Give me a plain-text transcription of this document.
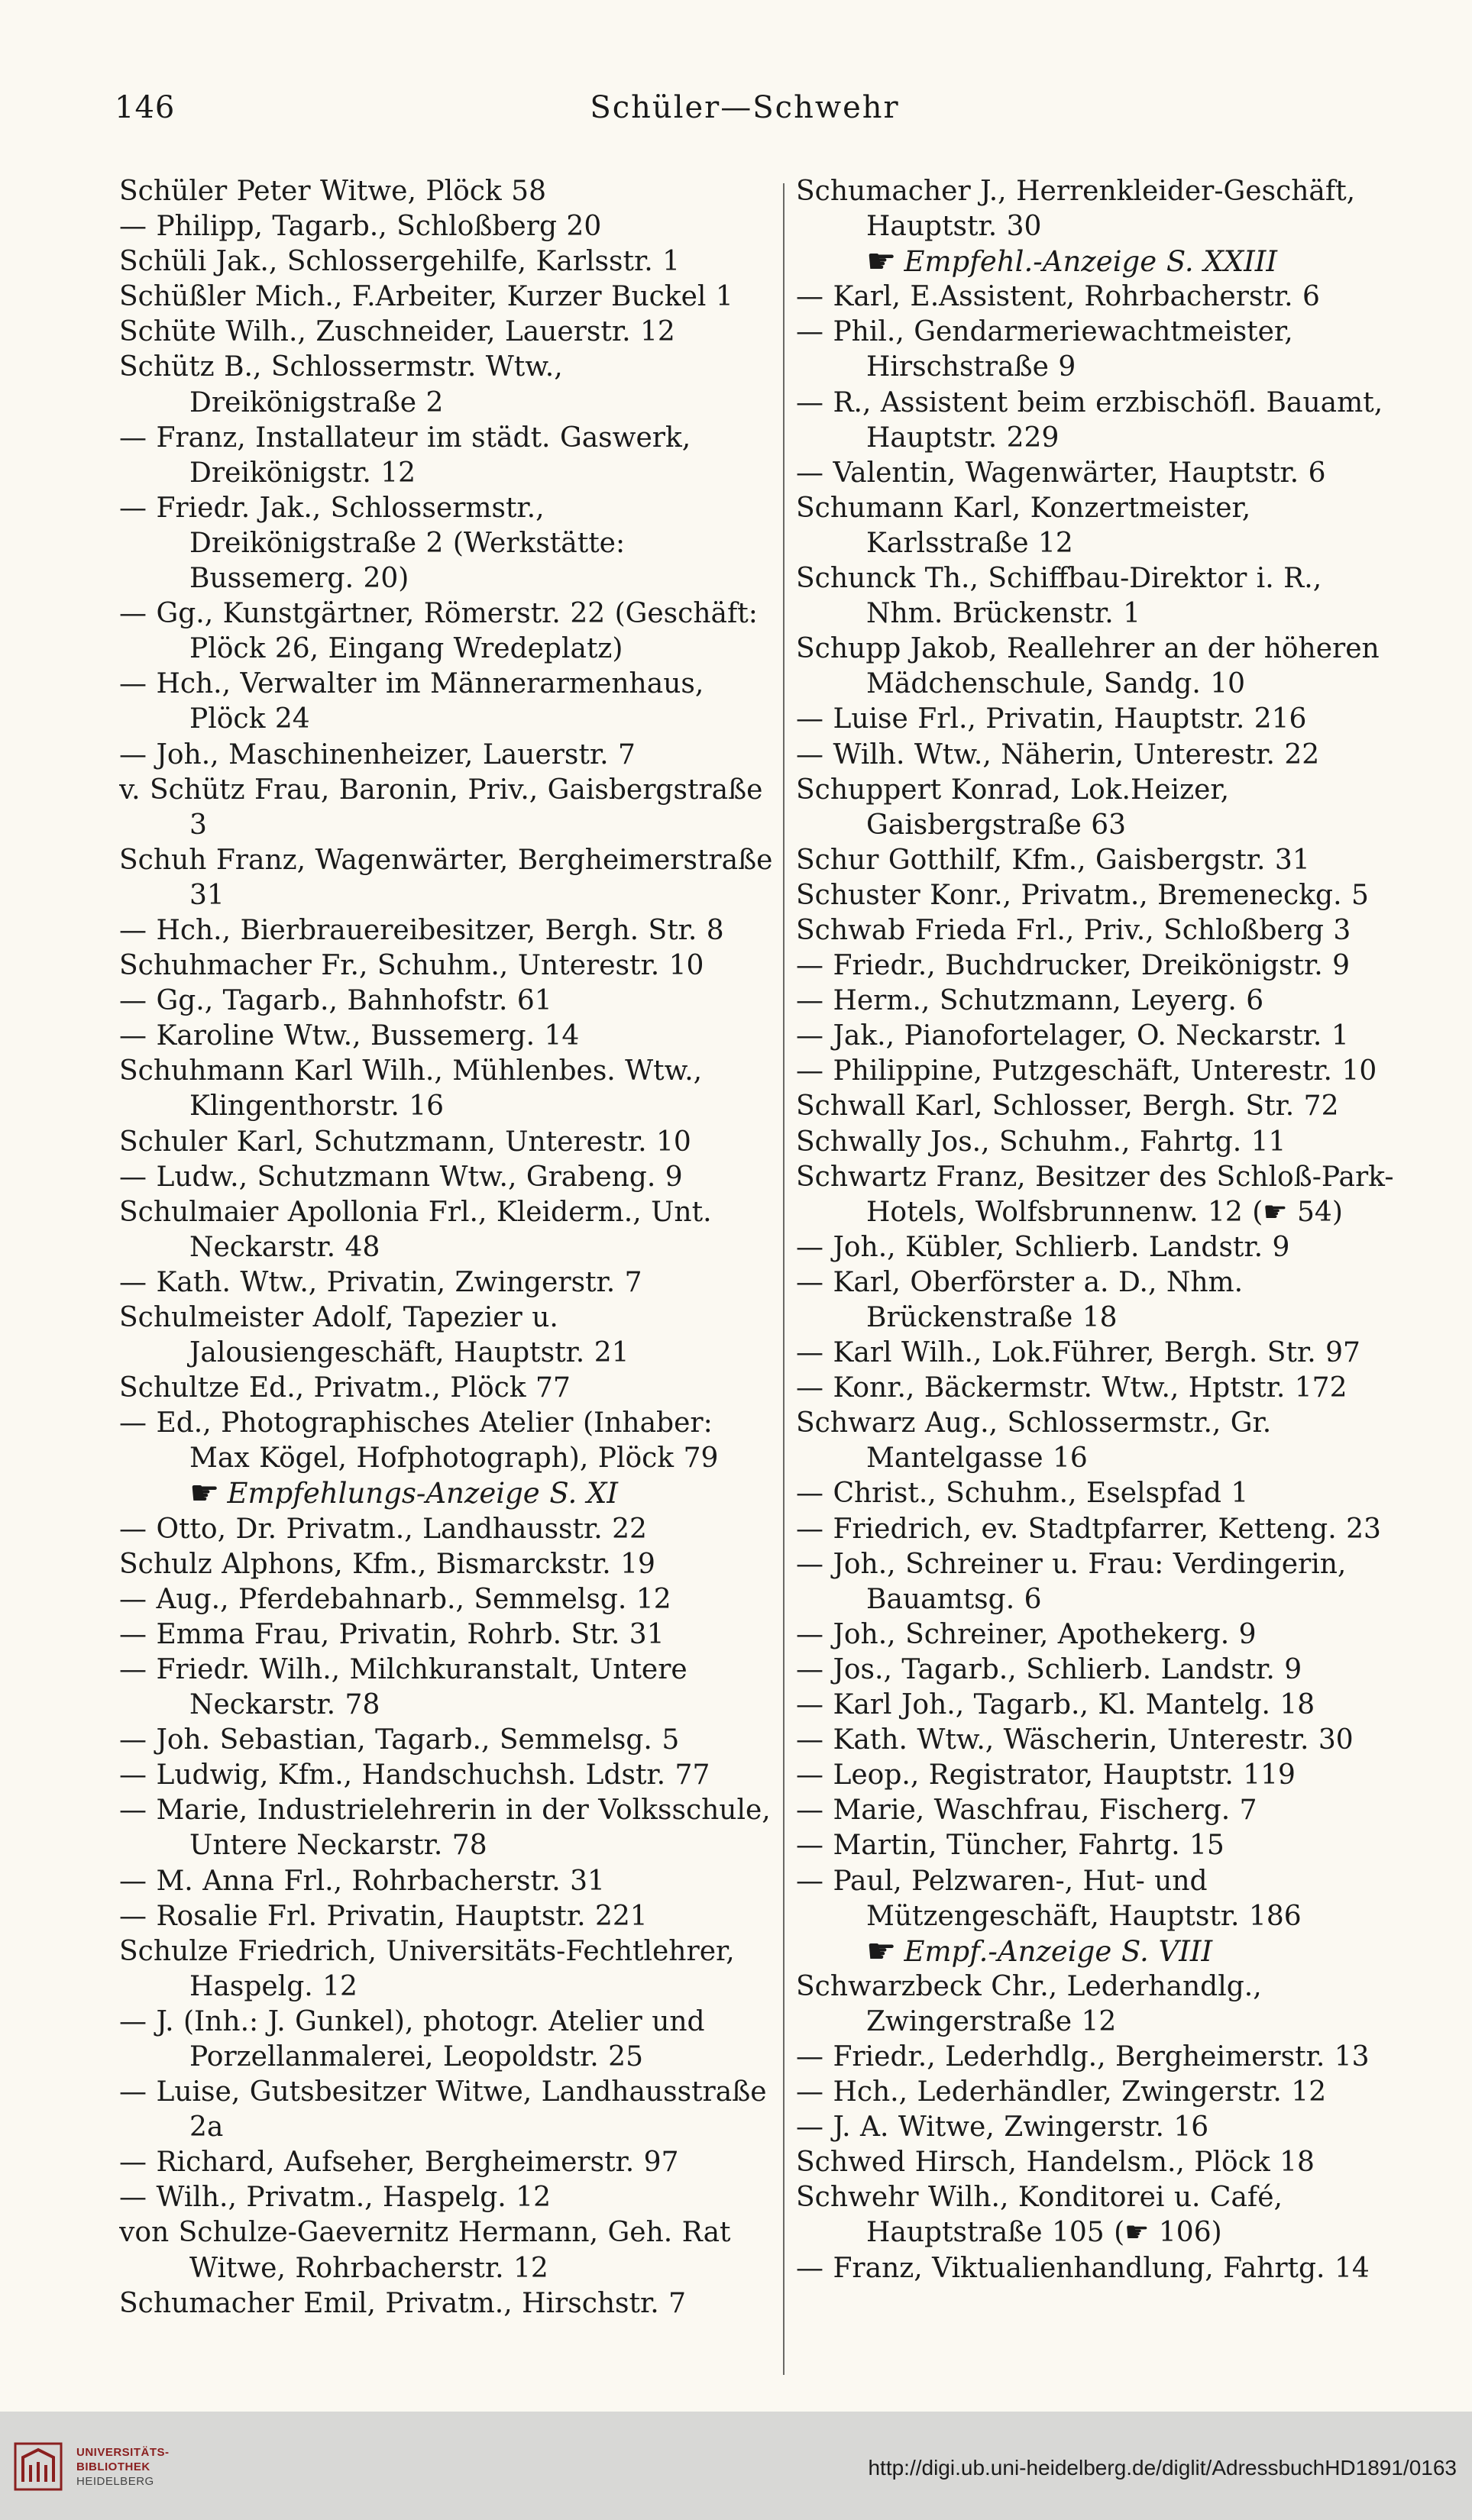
146	Schüler—Schwehr

Schüler Peter Witwe, Plöck 58

— Philipp, Tagarb., Schloßberg 20

Schüli Jak., Schlossergehilfe, Karlsstr. 1

Schüßler Mich., F.Arbeiter, Kurzer Buckel 1

Schüte Wilh., Zuschneider, Lauerstr. 12

Schütz B., Schlossermstr. Wtw., Dreikönigstraße 2

— Franz, Installateur im städt. Gaswerk, Dreikönigstr. 12

— Friedr. Jak., Schlossermstr., Dreikönigstraße 2 (Werkstätte: Bussemerg. 20)

— Gg., Kunstgärtner, Römerstr. 22 (Geschäft: Plöck 26, Eingang Wredeplatz)

— Hch., Verwalter im Männerarmenhaus, Plöck 24

— Joh., Maschinenheizer, Lauerstr. 7

v. Schütz Frau, Baronin, Priv., Gaisbergstraße 3

Schuh Franz, Wagenwärter, Bergheimerstraße 31

— Hch., Bierbrauereibesitzer, Bergh. Str. 8

Schuhmacher Fr., Schuhm., Unterestr. 10

— Gg., Tagarb., Bahnhofstr. 61

— Karoline Wtw., Bussemerg. 14

Schuhmann Karl Wilh., Mühlenbes. Wtw., Klingenthorstr. 16

Schuler Karl, Schutzmann, Unterestr. 10

— Ludw., Schutzmann Wtw., Grabeng. 9

Schulmaier Apollonia Frl., Kleiderm., Unt. Neckarstr. 48

— Kath. Wtw., Privatin, Zwingerstr. 7

Schulmeister Adolf, Tapezier u. Jalousiengeschäft, Hauptstr. 21

Schultze Ed., Privatm., Plöck 77

— Ed., Photographisches Atelier (Inhaber: Max Kögel, Hofphotograph), Plöck 79

☛ Empfehlungs-Anzeige S. XI

— Otto, Dr. Privatm., Landhausstr. 22

Schulz Alphons, Kfm., Bismarckstr. 19

— Aug., Pferdebahnarb., Semmelsg. 12

— Emma Frau, Privatin, Rohrb. Str. 31

— Friedr. Wilh., Milchkuranstalt, Untere Neckarstr. 78

— Joh. Sebastian, Tagarb., Semmelsg. 5

— Ludwig, Kfm., Handschuchsh. Ldstr. 77

— Marie, Industrielehrerin in der Volksschule, Untere Neckarstr. 78

— M. Anna Frl., Rohrbacherstr. 31

— Rosalie Frl. Privatin, Hauptstr. 221

Schulze Friedrich, Universitäts-Fechtlehrer, Haspelg. 12

— J. (Inh.: J. Gunkel), photogr. Atelier und Porzellanmalerei, Leopoldstr. 25

— Luise, Gutsbesitzer Witwe, Landhausstraße 2a

— Richard, Aufseher, Bergheimerstr. 97

— Wilh., Privatm., Haspelg. 12

von Schulze-Gaevernitz Hermann, Geh. Rat Witwe, Rohrbacherstr. 12

Schumacher Emil, Privatm., Hirschstr. 7

Schumacher J., Herrenkleider-Geschäft, Hauptstr. 30

☛ Empfehl.-Anzeige S. XXIII

— Karl, E.Assistent, Rohrbacherstr. 6

— Phil., Gendarmeriewachtmeister, Hirschstraße 9

— R., Assistent beim erzbischöfl. Bauamt, Hauptstr. 229

— Valentin, Wagenwärter, Hauptstr. 6

Schumann Karl, Konzertmeister, Karlsstraße 12

Schunck Th., Schiffbau-Direktor i. R., Nhm. Brückenstr. 1

Schupp Jakob, Reallehrer an der höheren Mädchenschule, Sandg. 10

— Luise Frl., Privatin, Hauptstr. 216

— Wilh. Wtw., Näherin, Unterestr. 22

Schuppert Konrad, Lok.Heizer, Gaisbergstraße 63

Schur Gotthilf, Kfm., Gaisbergstr. 31

Schuster Konr., Privatm., Bremeneckg. 5

Schwab Frieda Frl., Priv., Schloßberg 3

— Friedr., Buchdrucker, Dreikönigstr. 9

— Herm., Schutzmann, Leyerg. 6

— Jak., Pianofortelager, O. Neckarstr. 1

— Philippine, Putzgeschäft, Unterestr. 10

Schwall Karl, Schlosser, Bergh. Str. 72

Schwally Jos., Schuhm., Fahrtg. 11

Schwartz Franz, Besitzer des Schloß-Park-Hotels, Wolfsbrunnenw. 12 (☛ 54)

— Joh., Kübler, Schlierb. Landstr. 9

— Karl, Oberförster a. D., Nhm. Brückenstraße 18

— Karl Wilh., Lok.Führer, Bergh. Str. 97

— Konr., Bäckermstr. Wtw., Hptstr. 172

Schwarz Aug., Schlossermstr., Gr. Mantelgasse 16

— Christ., Schuhm., Eselspfad 1

— Friedrich, ev. Stadtpfarrer, Ketteng. 23

— Joh., Schreiner u. Frau: Verdingerin, Bauamtsg. 6

— Joh., Schreiner, Apothekerg. 9

— Jos., Tagarb., Schlierb. Landstr. 9

— Karl Joh., Tagarb., Kl. Mantelg. 18

— Kath. Wtw., Wäscherin, Unterestr. 30

— Leop., Registrator, Hauptstr. 119

— Marie, Waschfrau, Fischerg. 7

— Martin, Tüncher, Fahrtg. 15

— Paul, Pelzwaren-, Hut- und Mützengeschäft, Hauptstr. 186

☛ Empf.-Anzeige S. VIII

Schwarzbeck Chr., Lederhandlg., Zwingerstraße 12

— Friedr., Lederhdlg., Bergheimerstr. 13

— Hch., Lederhändler, Zwingerstr. 12

— J. A. Witwe, Zwingerstr. 16

Schwed Hirsch, Handelsm., Plöck 18

Schwehr Wilh., Konditorei u. Café, Hauptstraße 105 (☛ 106)

— Franz, Viktualienhandlung, Fahrtg. 14

UNIVERSITÄTS-
BIBLIOTHEK
HEIDELBERG
http://digi.ub.uni-heidelberg.de/diglit/AdressbuchHD1891/0163
